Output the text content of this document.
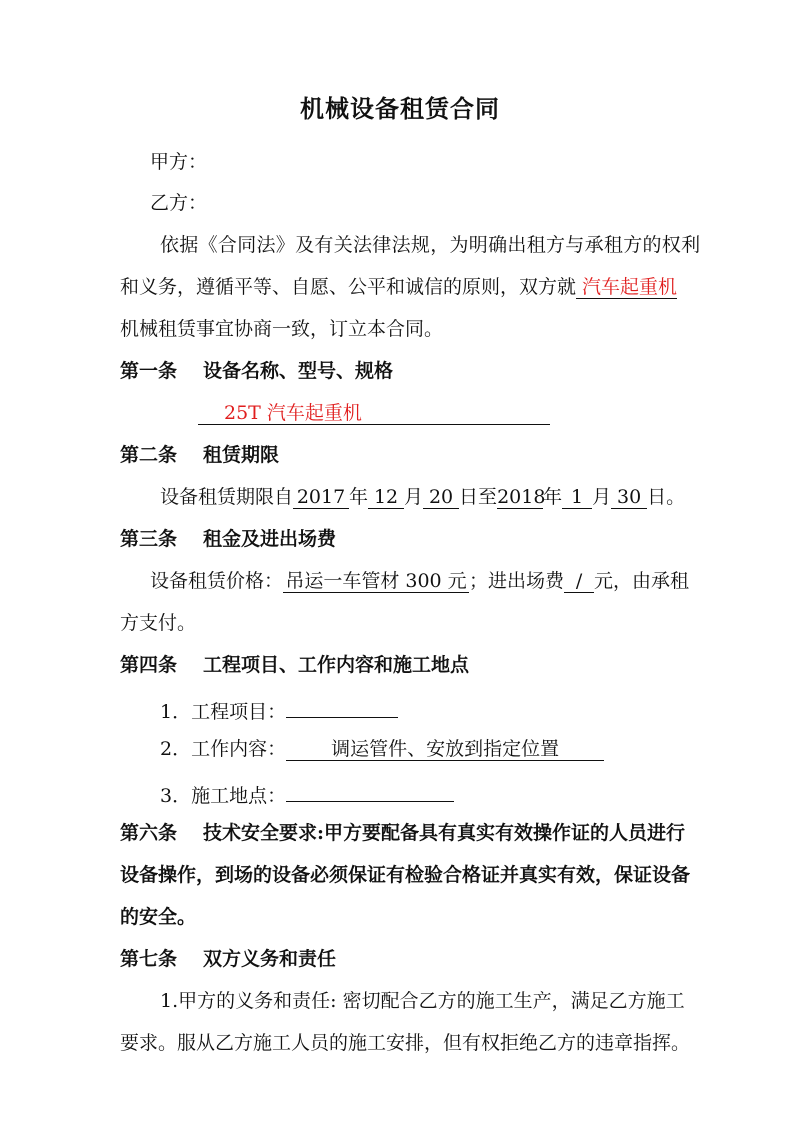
机械设备租赁合同
甲方：
乙方：
依据《合同法》及有关法律法规，为明确出租方与承租方的权利
和义务，遵循平等、自愿、公平和诚信的原则，双方就 汽车起重机
机械租赁事宜协商一致，订立本合同。
第一条 设备名称、型号、规格
25T 汽车起重机
第二条 租赁期限
设备租赁期限自 2017 年 12 月 20 日至2018年 1 月 30 日。
第三条 租金及进出场费
设备租赁价格： 吊运一车管材 300 元 ；进出场费 / 元，由承租
方支付。
第四条 工程项目、工作内容和施工地点
1．工程项目：
2．工作内容： 调运管件、安放到指定位置
3．施工地点：
第六条 技术安全要求:甲方要配备具有真实有效操作证的人员进行
设备操作，到场的设备必须保证有检验合格证并真实有效，保证设备
的安全。
第七条 双方义务和责任
1.甲方的义务和责任: 密切配合乙方的施工生产，满足乙方施工
要求。服从乙方施工人员的施工安排，但有权拒绝乙方的违章指挥。
